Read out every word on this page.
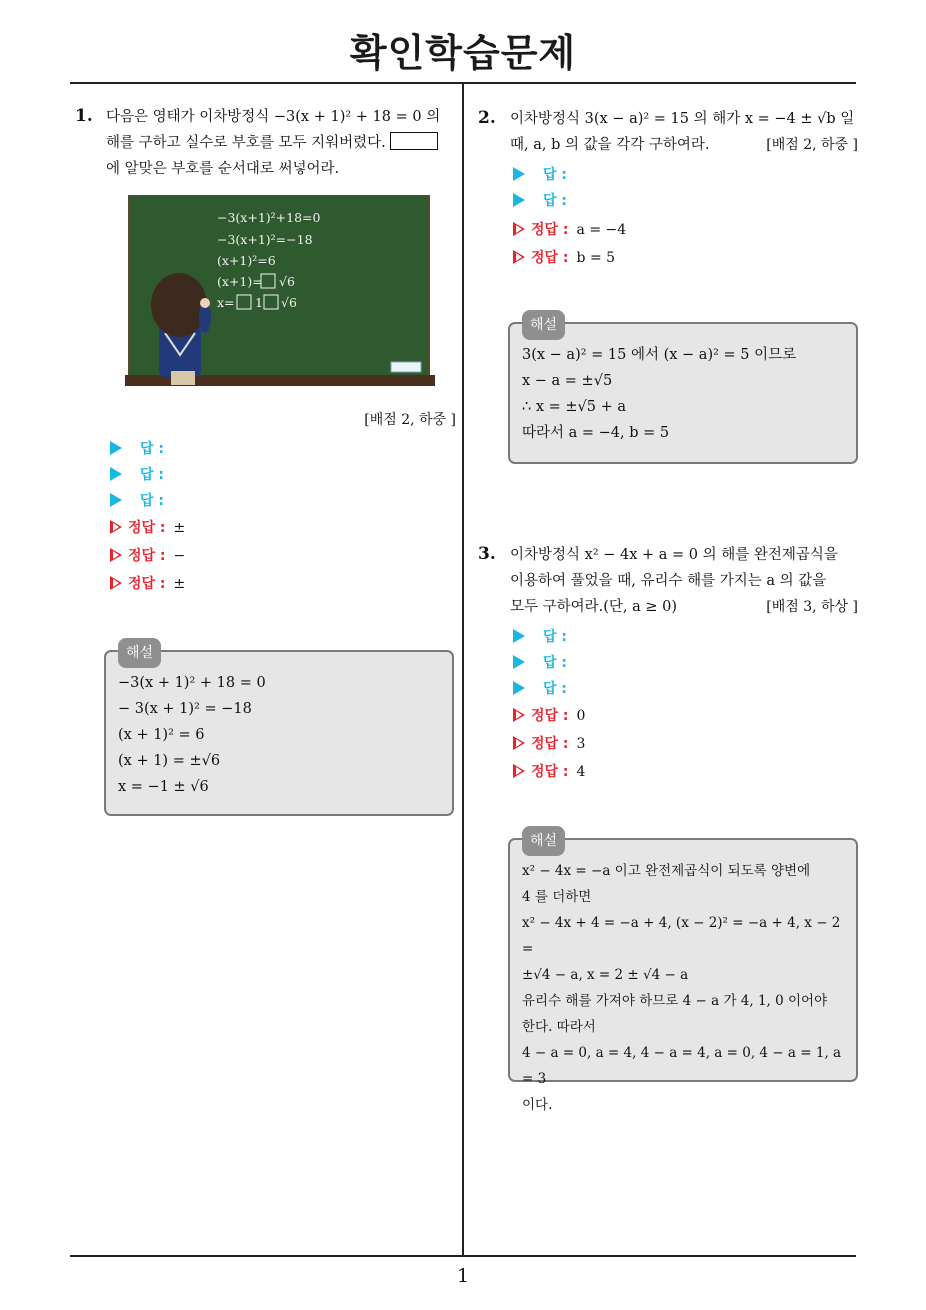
확인학습문제
1
1. 다음은 영태가 이차방정식 −3(x + 1)² + 18 = 0 의
해를 구하고 실수로 부호를 모두 지워버렸다.
에 알맞은 부호를 순서대로 써넣어라.
−3(x+1)²+18=0
−3(x+1)²=−18
(x+1)²=6
(x+1)= √6
x= 1 √6
[배점 2, 하중 ]
답 :
답 :
답 :
정답 : ±
정답 : −
정답 : ±
해설
−3(x + 1)² + 18 = 0
− 3(x + 1)² = −18
(x + 1)² = 6
(x + 1) = ±√6
x = −1 ± √6
2. 이차방정식 3(x − a)² = 15 의 해가 x = −4 ± √b 일
때, a, b 의 값을 각각 구하여라.	[배점 2, 하중 ]
답 :
답 :
정답 : a = −4
정답 : b = 5
해설
3(x − a)² = 15 에서 (x − a)² = 5 이므로
x − a = ±√5
∴ x = ±√5 + a
따라서 a = −4, b = 5
3. 이차방정식 x² − 4x + a = 0 의 해를 완전제곱식을
이용하여 풀었을 때, 유리수 해를 가지는 a 의 값을
모두 구하여라.(단, a ≥ 0)	[배점 3, 하상 ]
답 :
답 :
답 :
정답 : 0
정답 : 3
정답 : 4
해설
x² − 4x = −a 이고 완전제곱식이 되도록 양변에
4 를 더하면
x² − 4x + 4 = −a + 4, (x − 2)² = −a + 4, x − 2 =
±√4 − a, x = 2 ± √4 − a
유리수 해를 가져야 하므로 4 − a 가 4, 1, 0 이어야
한다. 따라서
4 − a = 0, a = 4, 4 − a = 4, a = 0, 4 − a = 1, a = 3
이다.
